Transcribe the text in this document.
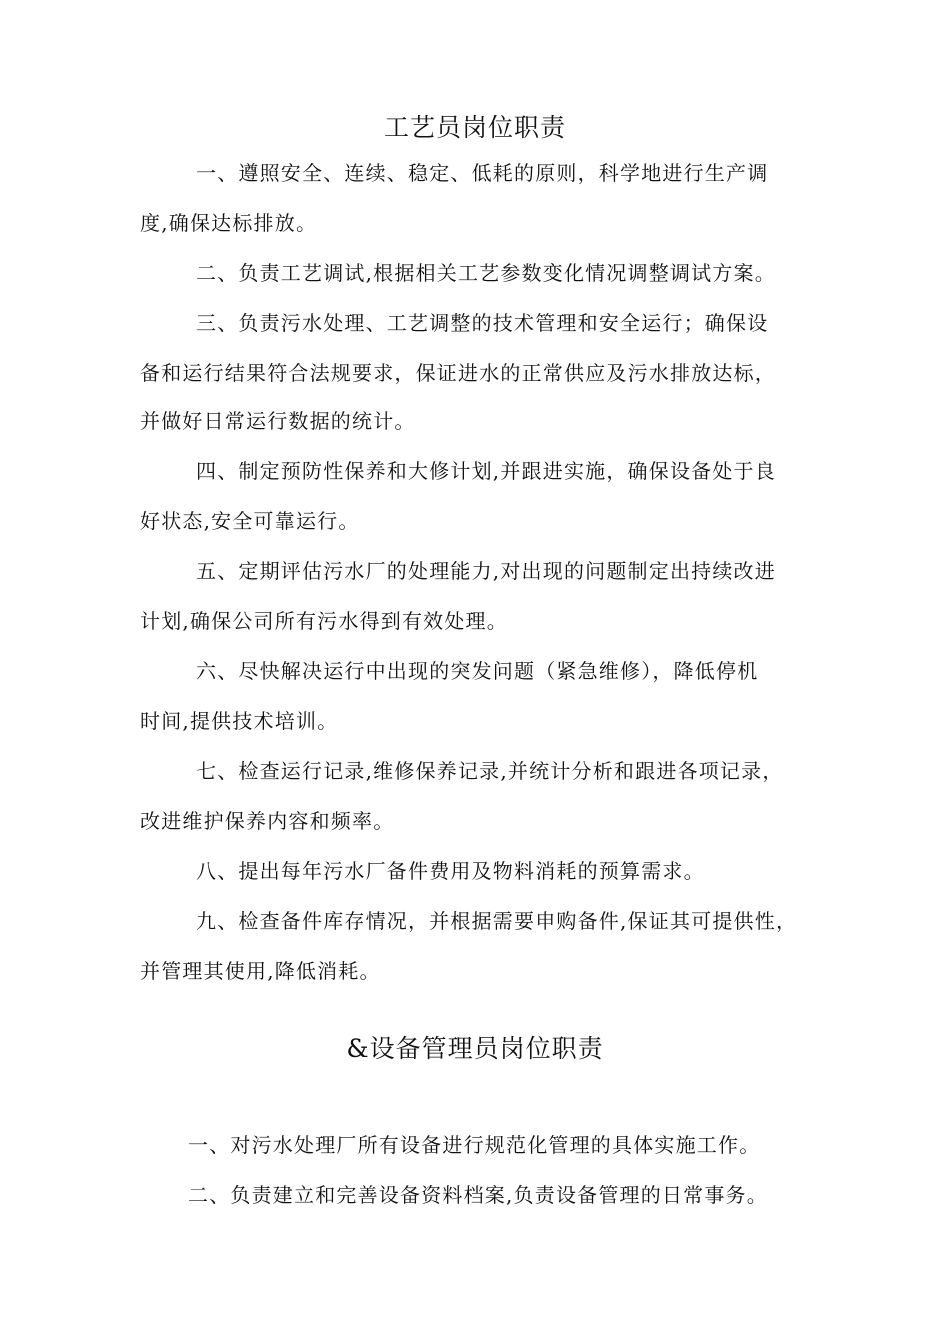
工艺员岗位职责
一、遵照安全、连续、稳定、低耗的原则，科学地进行生产调
度,确保达标排放。
二、负责工艺调试,根据相关工艺参数变化情况调整调试方案。
三、负责污水处理、工艺调整的技术管理和安全运行；确保设
备和运行结果符合法规要求，保证进水的正常供应及污水排放达标，
并做好日常运行数据的统计。
四、制定预防性保养和大修计划,并跟进实施，确保设备处于良
好状态,安全可靠运行。
五、定期评估污水厂的处理能力,对出现的问题制定出持续改进
计划,确保公司所有污水得到有效处理。
六、尽快解决运行中出现的突发问题（紧急维修），降低停机
时间,提供技术培训。
七、检查运行记录,维修保养记录,并统计分析和跟进各项记录，
改进维护保养内容和频率。
八、提出每年污水厂备件费用及物料消耗的预算需求。
九、检查备件库存情况，并根据需要申购备件,保证其可提供性，
并管理其使用,降低消耗。
&设备管理员岗位职责
一、对污水处理厂所有设备进行规范化管理的具体实施工作。
二、负责建立和完善设备资料档案,负责设备管理的日常事务。
